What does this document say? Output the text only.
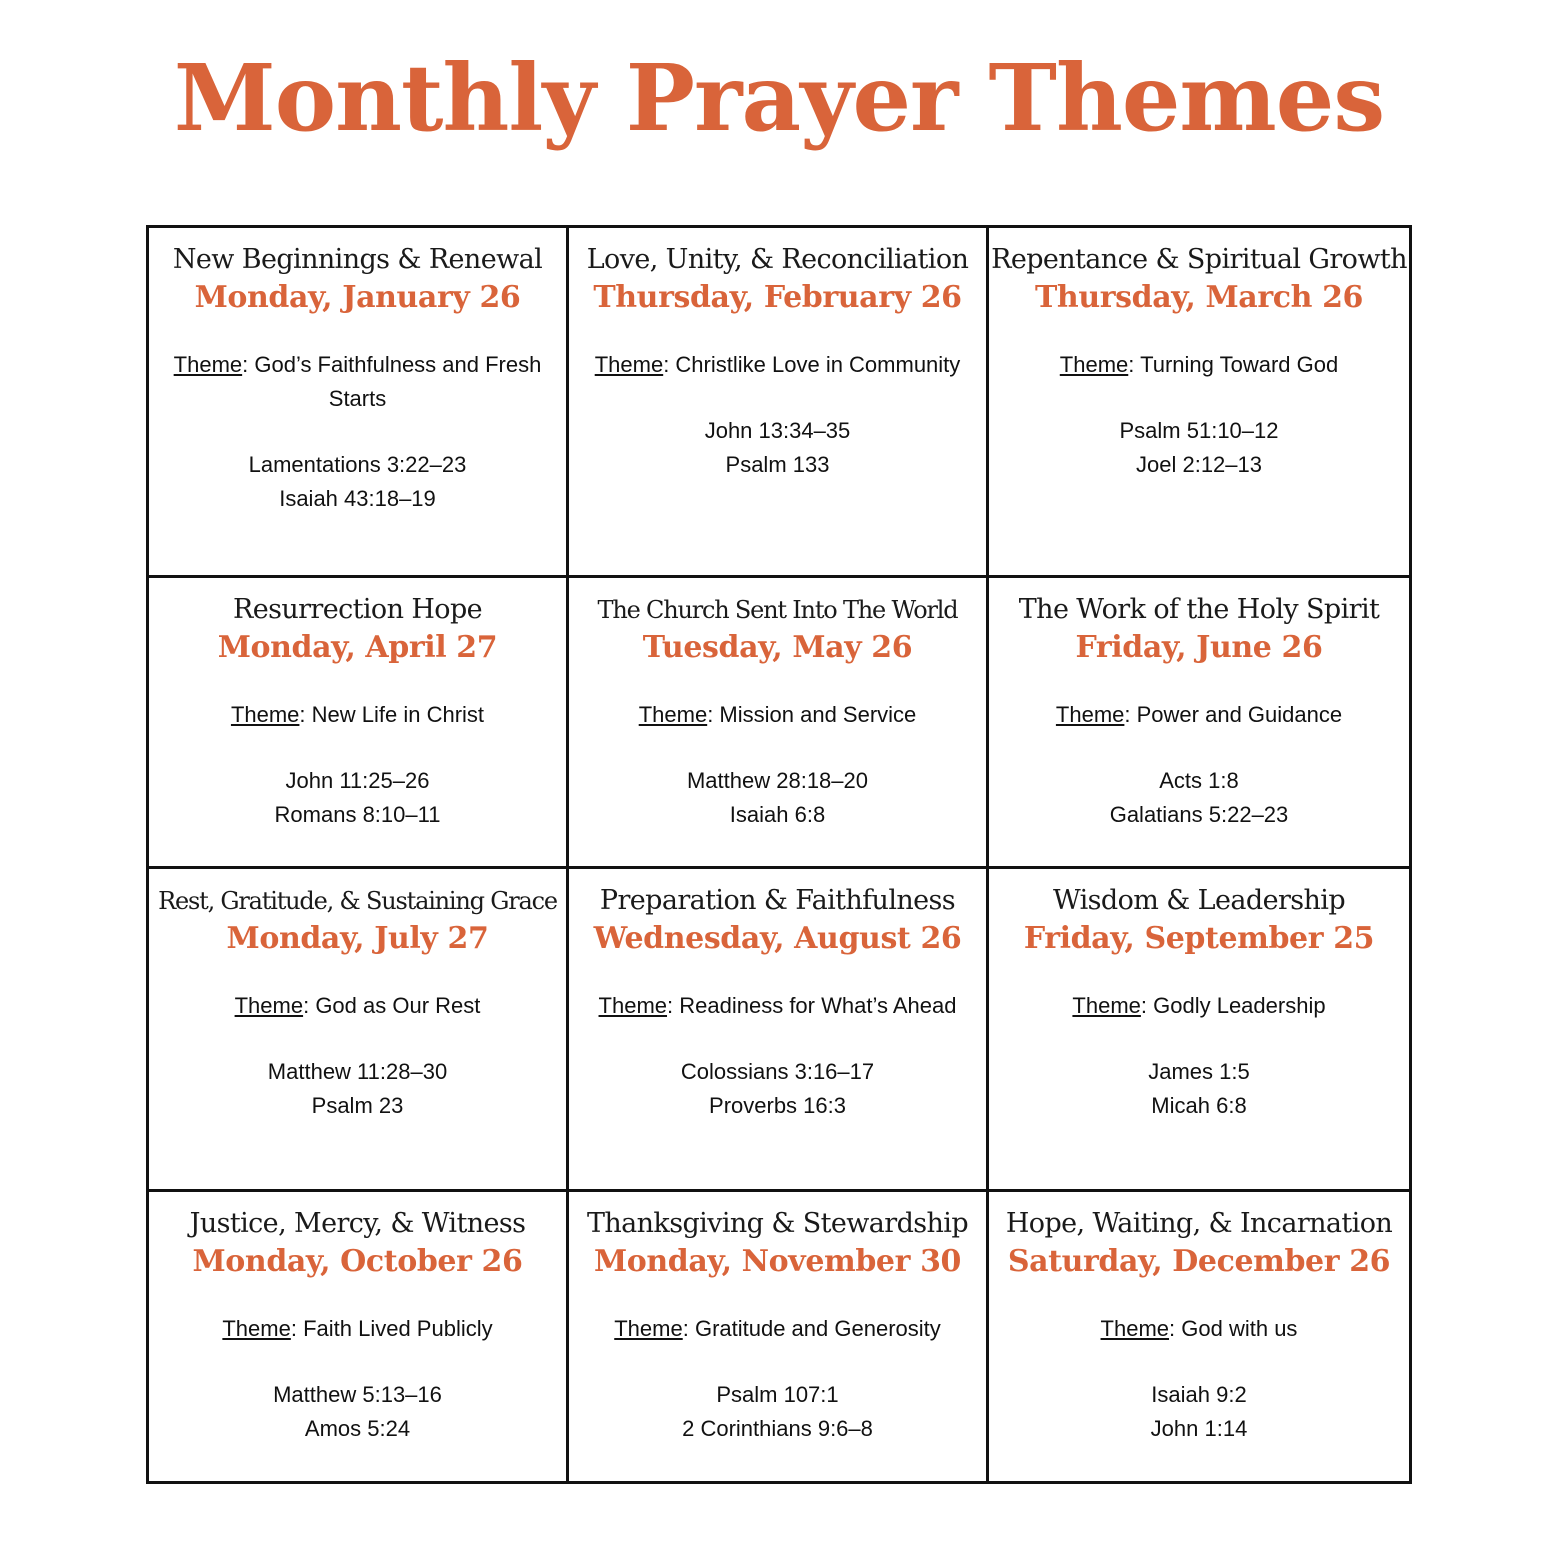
Monthly Prayer Themes
New Beginnings & Renewal
Monday, January 26
Theme: God’s Faithfulness and Fresh Starts
Lamentations 3:22–23
Isaiah 43:18–19
Love, Unity, & Reconciliation
Thursday, February 26
Theme: Christlike Love in Community
John 13:34–35
Psalm 133
Repentance & Spiritual Growth
Thursday, March 26
Theme: Turning Toward God
Psalm 51:10–12
Joel 2:12–13
Resurrection Hope
Monday, April 27
Theme: New Life in Christ
John 11:25–26
Romans 8:10–11
The Church Sent Into The World
Tuesday, May 26
Theme: Mission and Service
Matthew 28:18–20
Isaiah 6:8
The Work of the Holy Spirit
Friday, June 26
Theme: Power and Guidance
Acts 1:8
Galatians 5:22–23
Rest, Gratitude, & Sustaining Grace
Monday, July 27
Theme: God as Our Rest
Matthew 11:28–30
Psalm 23
Preparation & Faithfulness
Wednesday, August 26
Theme: Readiness for What’s Ahead
Colossians 3:16–17
Proverbs 16:3
Wisdom & Leadership
Friday, September 25
Theme: Godly Leadership
James 1:5
Micah 6:8
Justice, Mercy, & Witness
Monday, October 26
Theme: Faith Lived Publicly
Matthew 5:13–16
Amos 5:24
Thanksgiving & Stewardship
Monday, November 30
Theme: Gratitude and Generosity
Psalm 107:1
2 Corinthians 9:6–8
Hope, Waiting, & Incarnation
Saturday, December 26
Theme: God with us
Isaiah 9:2
John 1:14
